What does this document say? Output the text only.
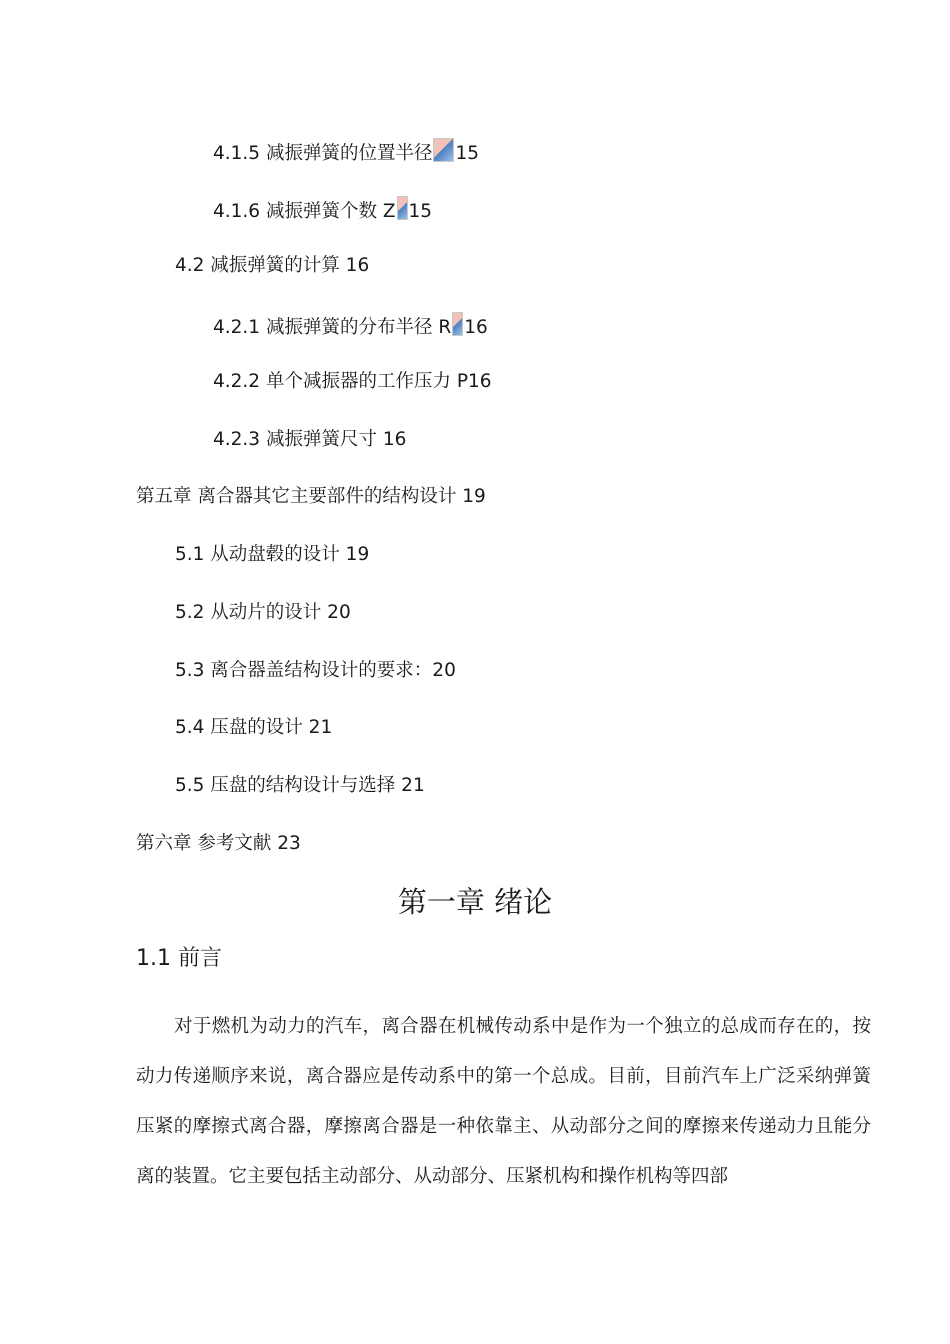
4.1.5 减振弹簧的位置半径 15
4.1.6 减振弹簧个数 Z 15
4.2 减振弹簧的计算 16
4.2.1 减振弹簧的分布半径 R 16
4.2.2 单个减振器的工作压力 P16
4.2.3 减振弹簧尺寸 16
第五章 离合器其它主要部件的结构设计 19
5.1 从动盘毂的设计 19
5.2 从动片的设计 20
5.3 离合器盖结构设计的要求：20
5.4 压盘的设计 21
5.5 压盘的结构设计与选择 21
第六章 参考文献 23
第一章 绪论
1.1 前言

对于燃机为动力的汽车，离合器在机械传动系中是作为一个独立的总成而存在的，按动力传递顺序来说，离合器应是传动系中的第一个总成。目前，目前汽车上广泛采纳弹簧压紧的摩擦式离合器，摩擦离合器是一种依靠主、从动部分之间的摩擦来传递动力且能分离的装置。它主要包括主动部分、从动部分、压紧机构和操作机构等四部
